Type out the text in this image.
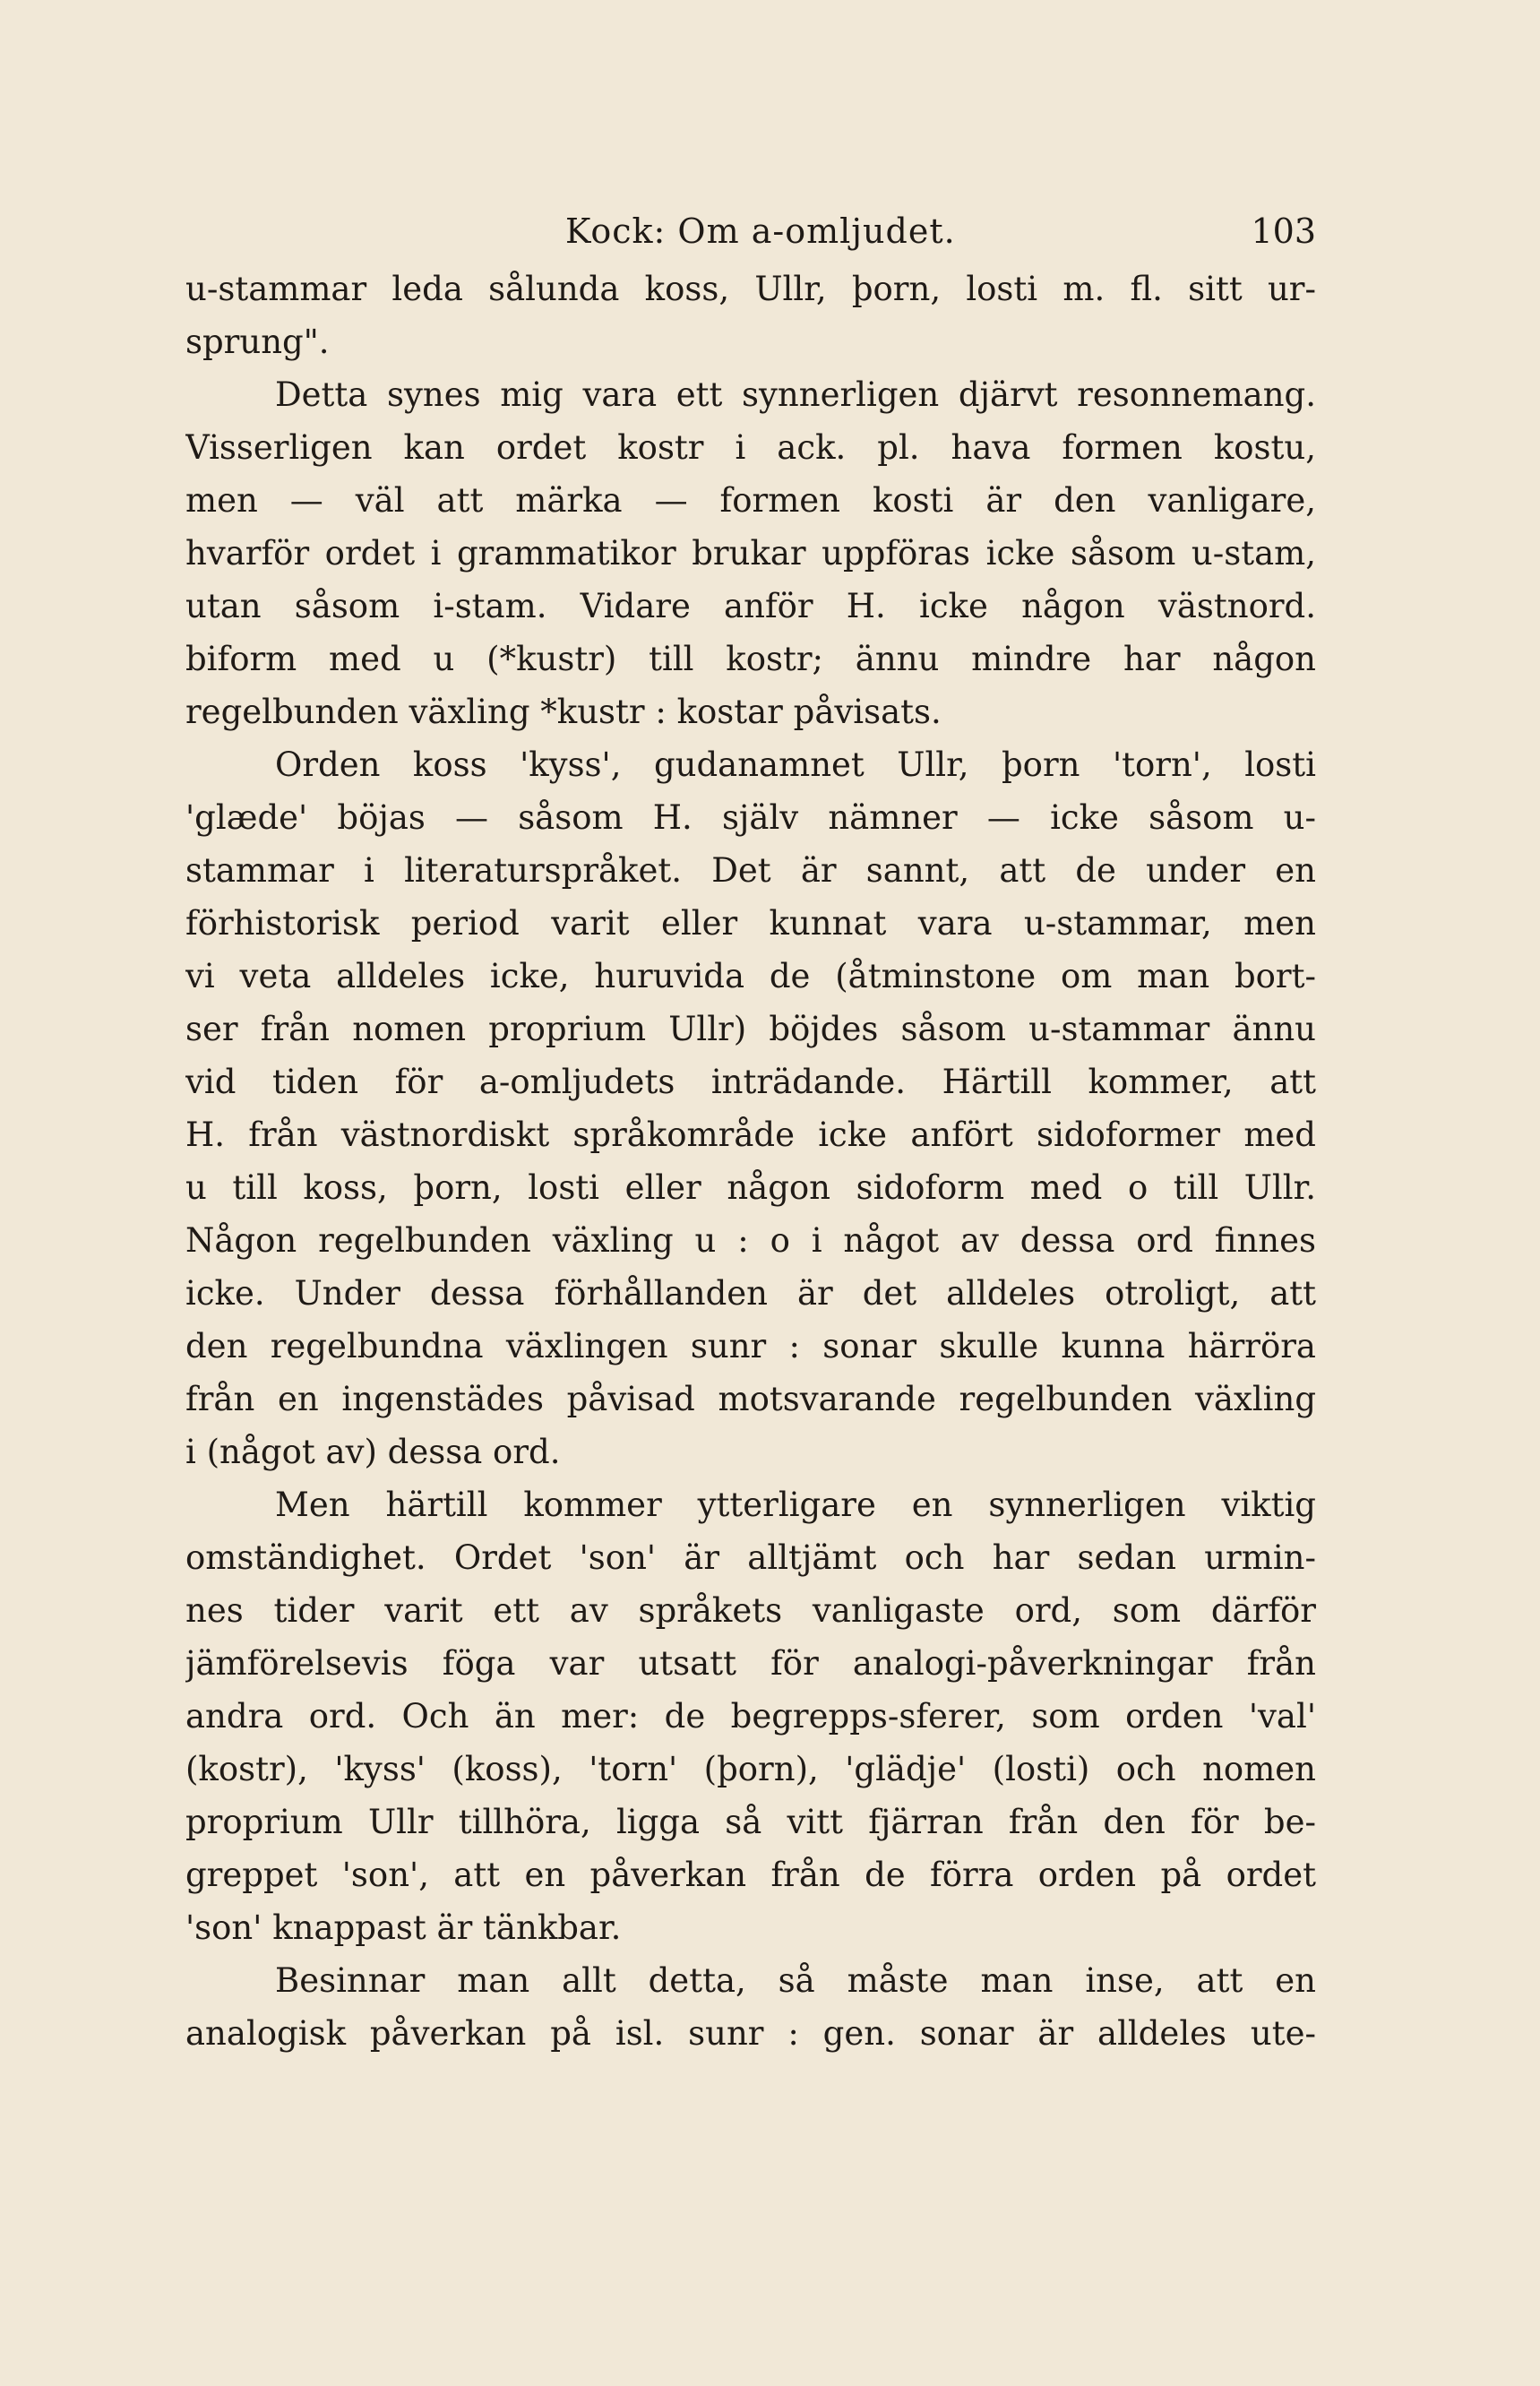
Kock: Om a-omljudet.	103
u-stammar leda sålunda koss, Ullr, þorn, losti m. fl. sitt ur-
sprung".
Detta synes mig vara ett synnerligen djärvt resonnemang.
Visserligen kan ordet kostr i ack. pl. hava formen kostu,
men — väl att märka — formen kosti är den vanligare,
hvarför ordet i grammatikor brukar uppföras icke såsom u-stam,
utan såsom i-stam. Vidare anför H. icke någon västnord.
biform med u (*kustr) till kostr; ännu mindre har någon
regelbunden växling *kustr : kostar påvisats.
Orden koss 'kyss', gudanamnet Ullr, þorn 'torn', losti
'glæde' böjas — såsom H. själv nämner — icke såsom u-
stammar i literaturspråket. Det är sannt, att de under en
förhistorisk period varit eller kunnat vara u-stammar, men
vi veta alldeles icke, huruvida de (åtminstone om man bort-
ser från nomen proprium Ullr) böjdes såsom u-stammar ännu
vid tiden för a-omljudets inträdande. Härtill kommer, att
H. från västnordiskt språkområde icke anfört sidoformer med
u till koss, þorn, losti eller någon sidoform med o till Ullr.
Någon regelbunden växling u : o i något av dessa ord finnes
icke. Under dessa förhållanden är det alldeles otroligt, att
den regelbundna växlingen sunr : sonar skulle kunna härröra
från en ingenstädes påvisad motsvarande regelbunden växling
i (något av) dessa ord.
Men härtill kommer ytterligare en synnerligen viktig
omständighet. Ordet 'son' är alltjämt och har sedan urmin-
nes tider varit ett av språkets vanligaste ord, som därför
jämförelsevis föga var utsatt för analogi-påverkningar från
andra ord. Och än mer: de begrepps-sferer, som orden 'val'
(kostr), 'kyss' (koss), 'torn' (þorn), 'glädje' (losti) och nomen
proprium Ullr tillhöra, ligga så vitt fjärran från den för be-
greppet 'son', att en påverkan från de förra orden på ordet
'son' knappast är tänkbar.
Besinnar man allt detta, så måste man inse, att en
analogisk påverkan på isl. sunr : gen. sonar är alldeles ute-
